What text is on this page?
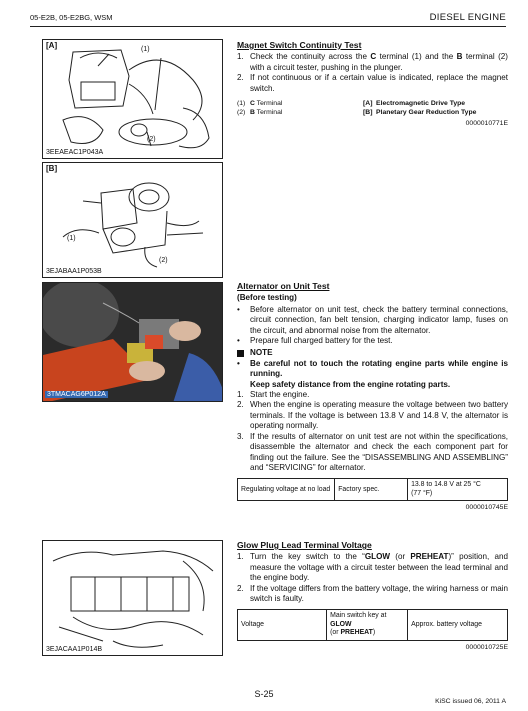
05-E2B, 05-E2BG, WSM	DIESEL ENGINE
[A]	(1)
(2)
3EEAEAC1P043A
[B]
(1)
(2)
3EJABAA1P053B
3TMACAG6P012A
3EJACAA1P014B
Magnet Switch Continuity Test
1. Check the continuity across the C terminal (1) and the B terminal (2) with a circuit tester, pushing in the plunger.
2. If not continuous or if a certain value is indicated, replace the magnet switch.
(1) C Terminal
(2) B Terminal
[A] Electromagnetic Drive Type
[B] Planetary Gear Reduction Type
0000010771E
Alternator on Unit Test
(Before testing)
•	Before alternator on unit test, check the battery terminal connections, circuit connection, fan belt tension, charging indicator lamp, fuses on the circuit, and abnormal noise from the alternator.
•	Prepare full charged battery for the test.
NOTE
•	Be careful not to touch the rotating engine parts while engine is running.
Keep safety distance from the engine rotating parts.
1. Start the engine.
2. When the engine is operating measure the voltage between two battery terminals. If the voltage is between 13.8 V and 14.8 V, the alternator is operating normally.
3. If the results of alternator on unit test are not within the specifications, disassemble the alternator and check the each component part for finding out the failure. See the “DISASSEMBLING AND ASSEMBLING” and “SERVICING” for alternator.
Regulating voltage at no load	Factory spec.	13.8 to 14.8 V at 25 °C
(77 °F)
0000010745E
Glow Plug Lead Terminal Voltage
1. Turn the key switch to the “GLOW (or PREHEAT)” position, and measure the voltage with a circuit tester between the lead terminal and the engine body.
2. If the voltage differs from the battery voltage, the wiring harness or main switch is faulty.
Voltage	Main switch key at
GLOW
(or PREHEAT)	Approx. battery voltage
0000010725E
S-25
KiSC issued 06, 2011 A
